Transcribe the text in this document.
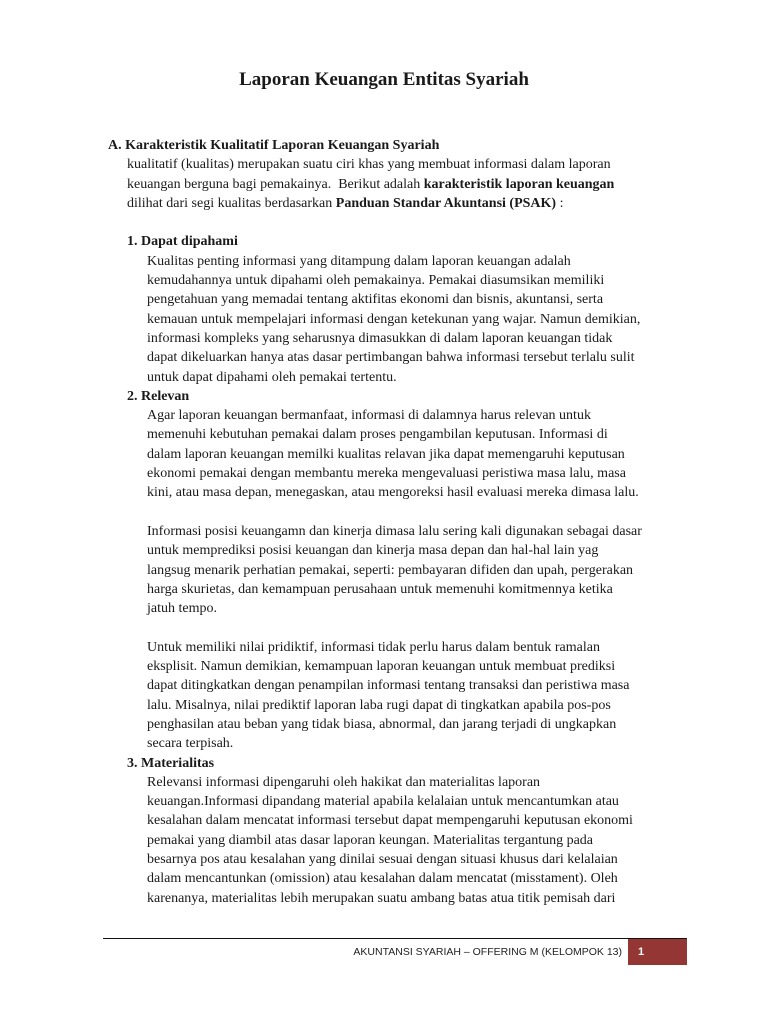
Laporan Keuangan Entitas Syariah
A. Karakteristik Kualitatif Laporan Keuangan Syariah
kualitatif (kualitas) merupakan suatu ciri khas yang membuat informasi dalam laporan
keuangan berguna bagi pemakainya.  Berikut adalah karakteristik laporan keuangan
dilihat dari segi kualitas berdasarkan Panduan Standar Akuntansi (PSAK) :
1. Dapat dipahami
Kualitas penting informasi yang ditampung dalam laporan keuangan adalah
kemudahannya untuk dipahami oleh pemakainya. Pemakai diasumsikan memiliki
pengetahuan yang memadai tentang aktifitas ekonomi dan bisnis, akuntansi, serta
kemauan untuk mempelajari informasi dengan ketekunan yang wajar. Namun demikian,
informasi kompleks yang seharusnya dimasukkan di dalam laporan keuangan tidak
dapat dikeluarkan hanya atas dasar pertimbangan bahwa informasi tersebut terlalu sulit
untuk dapat dipahami oleh pemakai tertentu.
2. Relevan
Agar laporan keuangan bermanfaat, informasi di dalamnya harus relevan untuk
memenuhi kebutuhan pemakai dalam proses pengambilan keputusan. Informasi di
dalam laporan keuangan memilki kualitas relavan jika dapat memengaruhi keputusan
ekonomi pemakai dengan membantu mereka mengevaluasi peristiwa masa lalu, masa
kini, atau masa depan, menegaskan, atau mengoreksi hasil evaluasi mereka dimasa lalu.
Informasi posisi keuangamn dan kinerja dimasa lalu sering kali digunakan sebagai dasar
untuk memprediksi posisi keuangan dan kinerja masa depan dan hal-hal lain yag
langsug menarik perhatian pemakai, seperti: pembayaran difiden dan upah, pergerakan
harga skurietas, dan kemampuan perusahaan untuk memenuhi komitmennya ketika
jatuh tempo.
Untuk memiliki nilai pridiktif, informasi tidak perlu harus dalam bentuk ramalan
eksplisit. Namun demikian, kemampuan laporan keuangan untuk membuat prediksi
dapat ditingkatkan dengan penampilan informasi tentang transaksi dan peristiwa masa
lalu. Misalnya, nilai prediktif laporan laba rugi dapat di tingkatkan apabila pos-pos
penghasilan atau beban yang tidak biasa, abnormal, dan jarang terjadi di ungkapkan
secara terpisah.
3. Materialitas
Relevansi informasi dipengaruhi oleh hakikat dan materialitas laporan
keuangan.Informasi dipandang material apabila kelalaian untuk mencantumkan atau
kesalahan dalam mencatat informasi tersebut dapat mempengaruhi keputusan ekonomi
pemakai yang diambil atas dasar laporan keungan. Materialitas tergantung pada
besarnya pos atau kesalahan yang dinilai sesuai dengan situasi khusus dari kelalaian
dalam mencantunkan (omission) atau kesalahan dalam mencatat (misstament). Oleh
karenanya, materialitas lebih merupakan suatu ambang batas atua titik pemisah dari
AKUNTANSI SYARIAH – OFFERING M (KELOMPOK 13)	1
